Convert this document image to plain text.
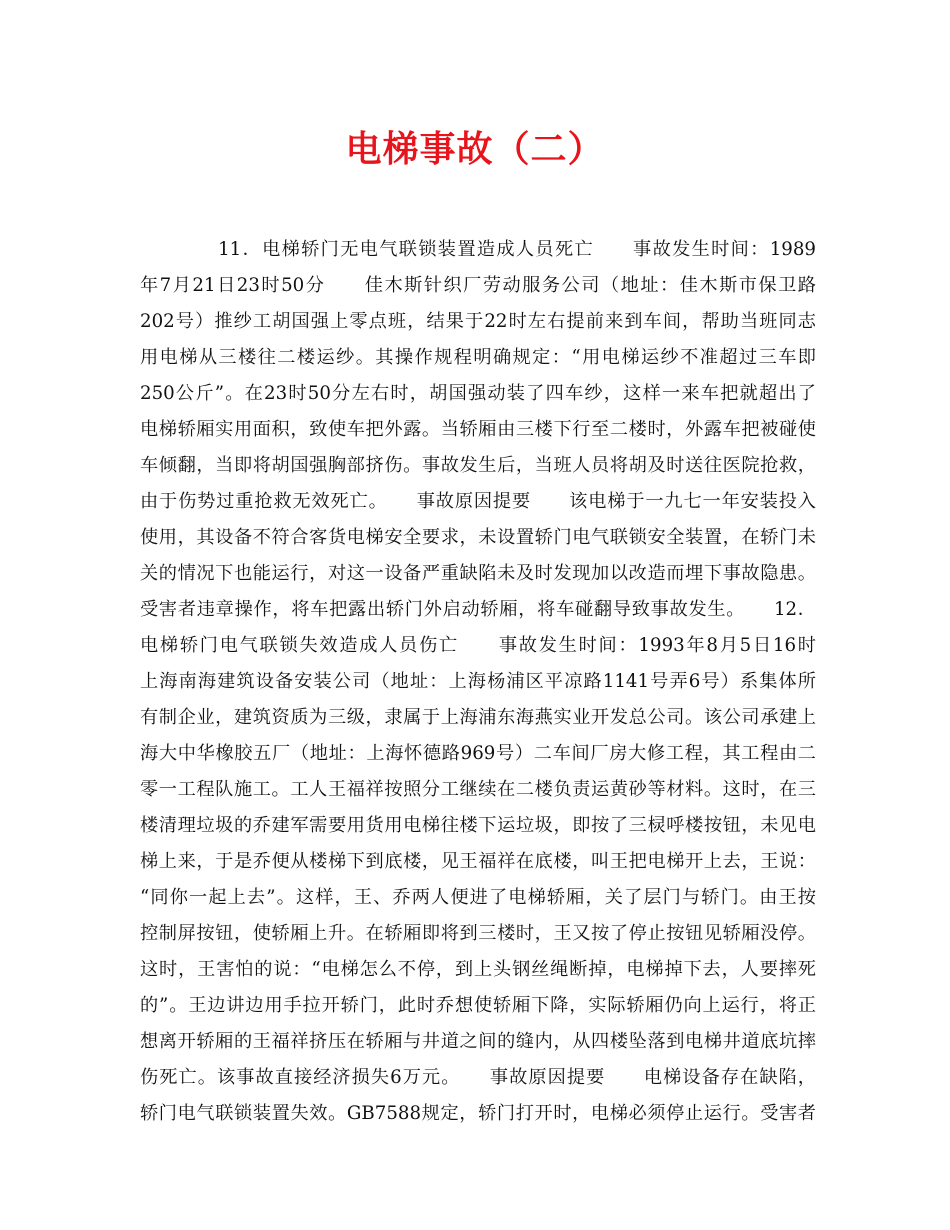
电梯事故（二）
　　　　11．电梯轿门无电气联锁装置造成人员死亡　　事故发生时间：1989
年7月21日23时50分　　佳木斯针织厂劳动服务公司（地址：佳木斯市保卫路
202号）推纱工胡国强上零点班，结果于22时左右提前来到车间，帮助当班同志
用电梯从三楼往二楼运纱。其操作规程明确规定：“用电梯运纱不准超过三车即
250公斤”。在23时50分左右时，胡国强动装了四车纱，这样一来车把就超出了
电梯轿厢实用面积，致使车把外露。当轿厢由三楼下行至二楼时，外露车把被碰使
车倾翻，当即将胡国强胸部挤伤。事故发生后，当班人员将胡及时送往医院抢救，
由于伤势过重抢救无效死亡。　　事故原因提要　　该电梯于一九七一年安装投入
使用，其设备不符合客货电梯安全要求，未设置轿门电气联锁安全装置，在轿门未
关的情况下也能运行，对这一设备严重缺陷未及时发现加以改造而埋下事故隐患。
受害者违章操作，将车把露出轿门外启动轿厢，将车碰翻导致事故发生。　　12．
电梯轿门电气联锁失效造成人员伤亡　　事故发生时间：1993年8月5日16时
上海南海建筑设备安装公司（地址：上海杨浦区平凉路1141号弄6号）系集体所
有制企业，建筑资质为三级，隶属于上海浦东海燕实业开发总公司。该公司承建上
海大中华橡胶五厂（地址：上海怀德路969号）二车间厂房大修工程，其工程由二
零一工程队施工。工人王福祥按照分工继续在二楼负责运黄砂等材料。这时，在三
楼清理垃圾的乔建军需要用货用电梯往楼下运垃圾，即按了三棂呼楼按钮，未见电
梯上来，于是乔便从楼梯下到底楼，见王福祥在底楼，叫王把电梯开上去，王说：
“同你一起上去”。这样，王、乔两人便进了电梯轿厢，关了层门与轿门。由王按
控制屏按钮，使轿厢上升。在轿厢即将到三楼时，王又按了停止按钮见轿厢没停。
这时，王害怕的说：“电梯怎么不停，到上头钢丝绳断掉，电梯掉下去，人要摔死
的”。王边讲边用手拉开轿门，此时乔想使轿厢下降，实际轿厢仍向上运行，将正
想离开轿厢的王福祥挤压在轿厢与井道之间的缝内，从四楼坠落到电梯井道底坑摔
伤死亡。该事故直接经济损失6万元。　　事故原因提要　　电梯设备存在缺陷，
轿门电气联锁装置失效。GB7588规定，轿门打开时，电梯必须停止运行。受害者
